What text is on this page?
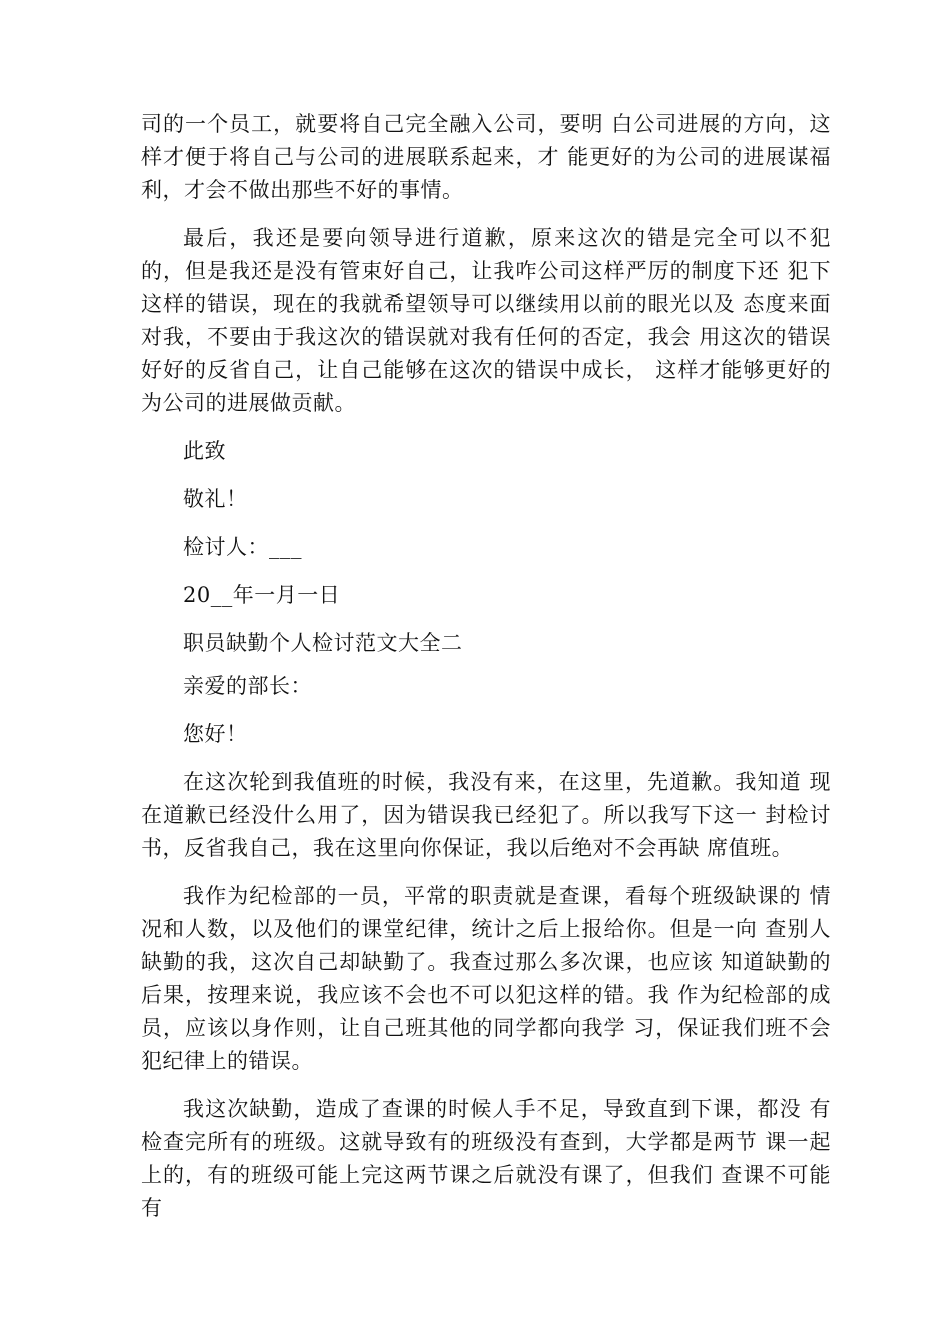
司的一个员工，就要将自己完全融入公司，要明 白公司进展的方向，这样才便于将自己与公司的进展联系起来，才 能更好的为公司的进展谋福利，才会不做出那些不好的事情。

最后，我还是要向领导进行道歉，原来这次的错是完全可以不犯 的，但是我还是没有管束好自己，让我咋公司这样严厉的制度下还 犯下这样的错误，现在的我就希望领导可以继续用以前的眼光以及 态度来面对我，不要由于我这次的错误就对我有任何的否定，我会 用这次的错误好好的反省自己，让自己能够在这次的错误中成长， 这样才能够更好的为公司的进展做贡献。

此致

敬礼！

检讨人：___

20__年一月一日

职员缺勤个人检讨范文大全二

亲爱的部长：

您好！

在这次轮到我值班的时候，我没有来，在这里，先道歉。我知道 现在道歉已经没什么用了，因为错误我已经犯了。所以我写下这一 封检讨书，反省我自己，我在这里向你保证，我以后绝对不会再缺 席值班。

我作为纪检部的一员，平常的职责就是查课，看每个班级缺课的 情况和人数，以及他们的课堂纪律，统计之后上报给你。但是一向 查别人缺勤的我，这次自己却缺勤了。我查过那么多次课，也应该 知道缺勤的后果，按理来说，我应该不会也不可以犯这样的错。我 作为纪检部的成员，应该以身作则，让自己班其他的同学都向我学 习，保证我们班不会犯纪律上的错误。

我这次缺勤，造成了查课的时候人手不足，导致直到下课，都没 有检查完所有的班级。这就导致有的班级没有查到，大学都是两节 课一起上的，有的班级可能上完这两节课之后就没有课了，但我们 查课不可能有
